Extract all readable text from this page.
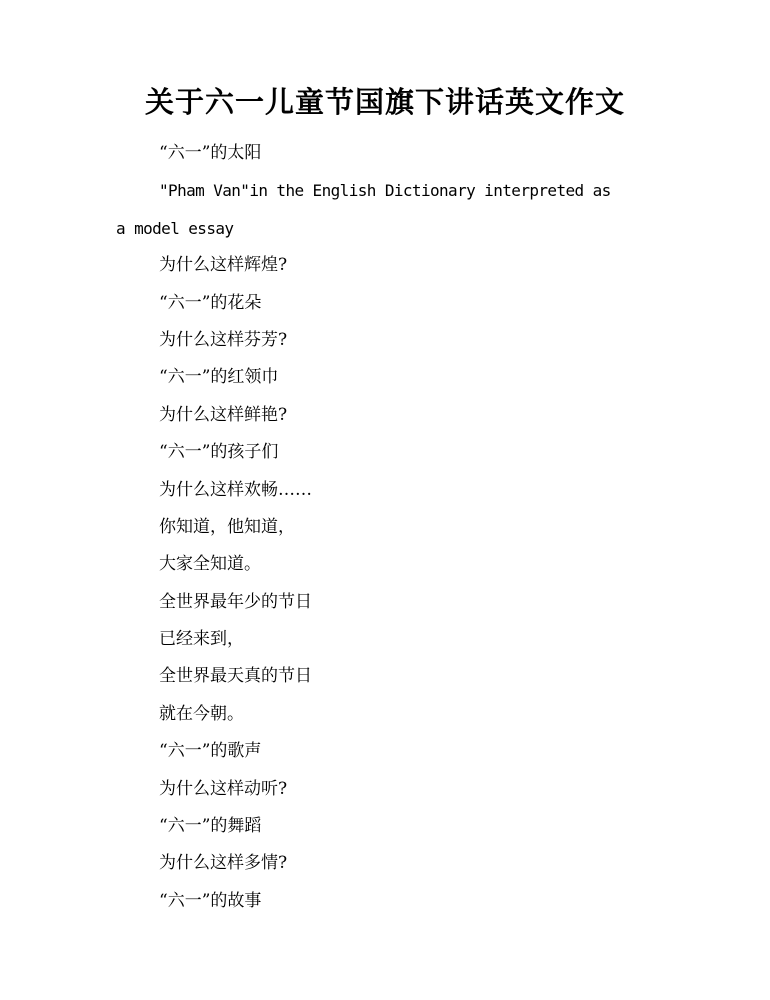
关于六一儿童节国旗下讲话英文作文

“六一”的太阳

"Pham Van"in the English Dictionary interpreted as

a model essay

为什么这样辉煌?

“六一”的花朵

为什么这样芬芳?

“六一”的红领巾

为什么这样鲜艳?

“六一”的孩子们

为什么这样欢畅……

你知道，他知道，

大家全知道。

全世界最年少的节日

已经来到，

全世界最天真的节日

就在今朝。

“六一”的歌声

为什么这样动听?

“六一”的舞蹈

为什么这样多情?

“六一”的故事
